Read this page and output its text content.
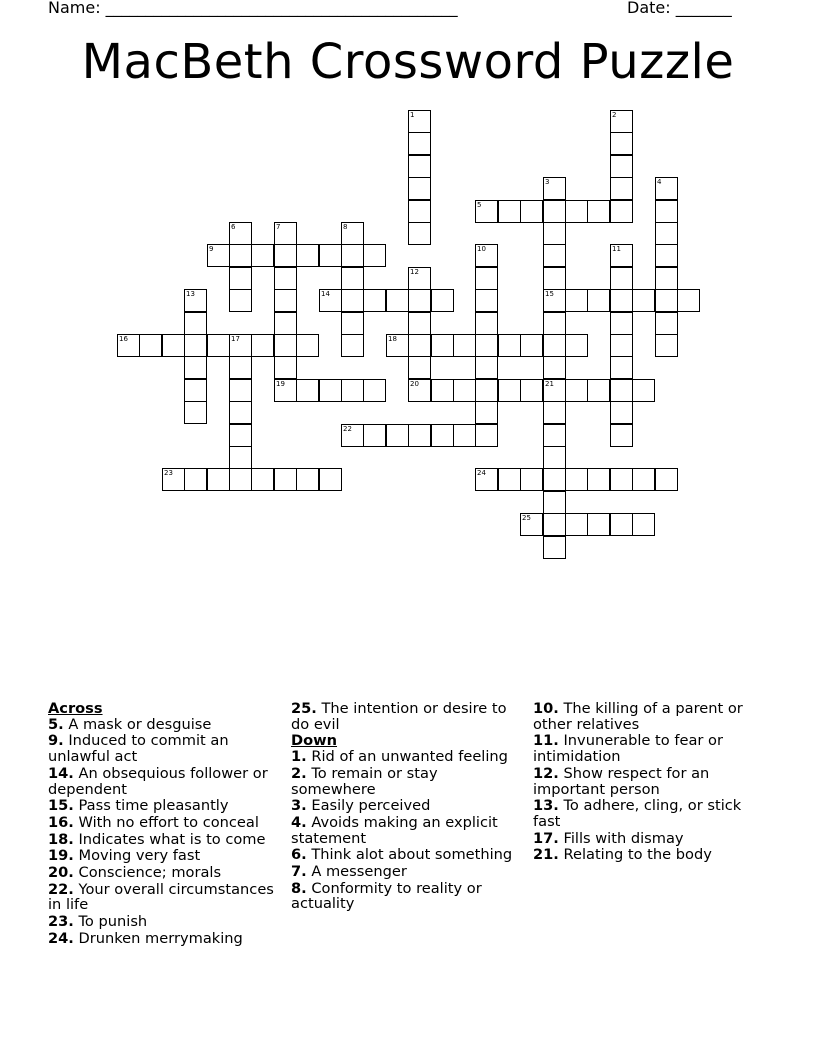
Name: ____________________________________________	Date: _______
MacBeth Crossword Puzzle
1	2
3
15
21
4
5
6	7
19
8
9	10	11
12
20
13	14
16	17	18
22
23	24
25
Across
5. A mask or desguise
9. Induced to commit an unlawful act
14. An obsequious follower or dependent
15. Pass time pleasantly
16. With no effort to conceal
18. Indicates what is to come
19. Moving very fast
20. Conscience; morals
22. Your overall circumstances in life
23. To punish
24. Drunken merrymaking
25. The intention or desire to do evil
Down
1. Rid of an unwanted feeling
2. To remain or stay somewhere
3. Easily perceived
4. Avoids making an explicit statement
6. Think alot about something
7. A messenger
8. Conformity to reality or actuality
10. The killing of a parent or other relatives
11. Invunerable to fear or intimidation
12. Show respect for an important person
13. To adhere, cling, or stick fast
17. Fills with dismay
21. Relating to the body
